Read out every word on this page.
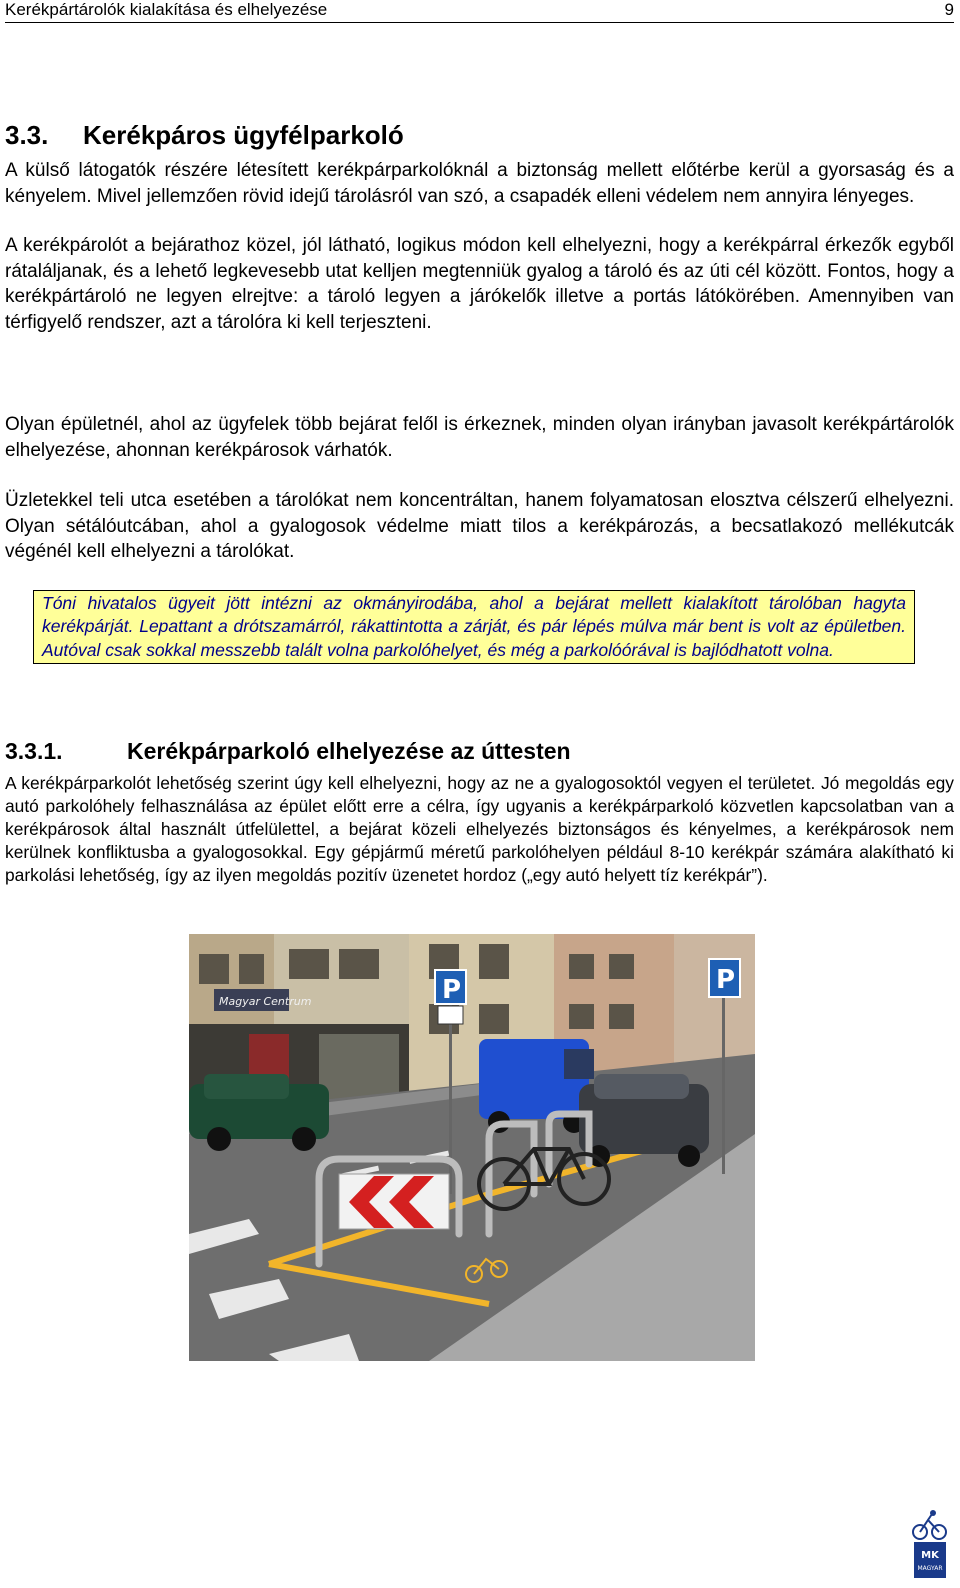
Kerékpártárolók kialakítása és elhelyezése	9
3.3. Kerékpáros ügyfélparkoló

A külső látogatók részére létesített kerékpárparkolóknál a biztonság mellett előtérbe kerül a gyorsaság és a kényelem. Mivel jellemzően rövid idejű tárolásról van szó, a csapadék elleni védelem nem annyira lényeges.

A kerékpárolót a bejárathoz közel, jól látható, logikus módon kell elhelyezni, hogy a kerékpárral érkezők egyből rátaláljanak, és a lehető legkevesebb utat kelljen megtenniük gyalog a tároló és az úti cél között. Fontos, hogy a kerékpártároló ne legyen elrejtve: a tároló legyen a járókelők illetve a portás látókörében. Amennyiben van térfigyelő rendszer, azt a tárolóra ki kell terjeszteni.

Olyan épületnél, ahol az ügyfelek több bejárat felől is érkeznek, minden olyan irányban javasolt kerékpártárolók elhelyezése, ahonnan kerékpárosok várhatók.

Üzletekkel teli utca esetében a tárolókat nem koncentráltan, hanem folyamatosan elosztva célszerű elhelyezni. Olyan sétálóutcában, ahol a gyalogosok védelme miatt tilos a kerékpározás, a becsatlakozó mellékutcák végénél kell elhelyezni a tárolókat.

Tóni hivatalos ügyeit jött intézni az okmányirodába, ahol a bejárat mellett kialakított tárolóban hagyta kerékpárját. Lepattant a drótszamárról, rákattintotta a zárját, és pár lépés múlva már bent is volt az épületben. Autóval csak sokkal messzebb talált volna parkolóhelyet, és még a parkolóórával is bajlódhatott volna.
3.3.1.	Kerékpárparkoló elhelyezése az úttesten

A kerékpárparkolót lehetőség szerint úgy kell elhelyezni, hogy az ne a gyalogosoktól vegyen el területet. Jó megoldás egy autó parkolóhely felhasználása az épület előtt erre a célra, így ugyanis a kerékpárparkoló közvetlen kapcsolatban van a kerékpárosok által használt útfelülettel, a bejárat közeli elhelyezés biztonságos és kényelmes, a kerékpárosok nem kerülnek konfliktusba a gyalogosokkal. Egy gépjármű méretű parkolóhelyen például 8-10 kerékpár számára alakítható ki parkolási lehetőség, így az ilyen megoldás pozitív üzenetet hordoz („egy autó helyett tíz kerékpár”).

Magyar Centrum	P	P
MK
MAGYAR
